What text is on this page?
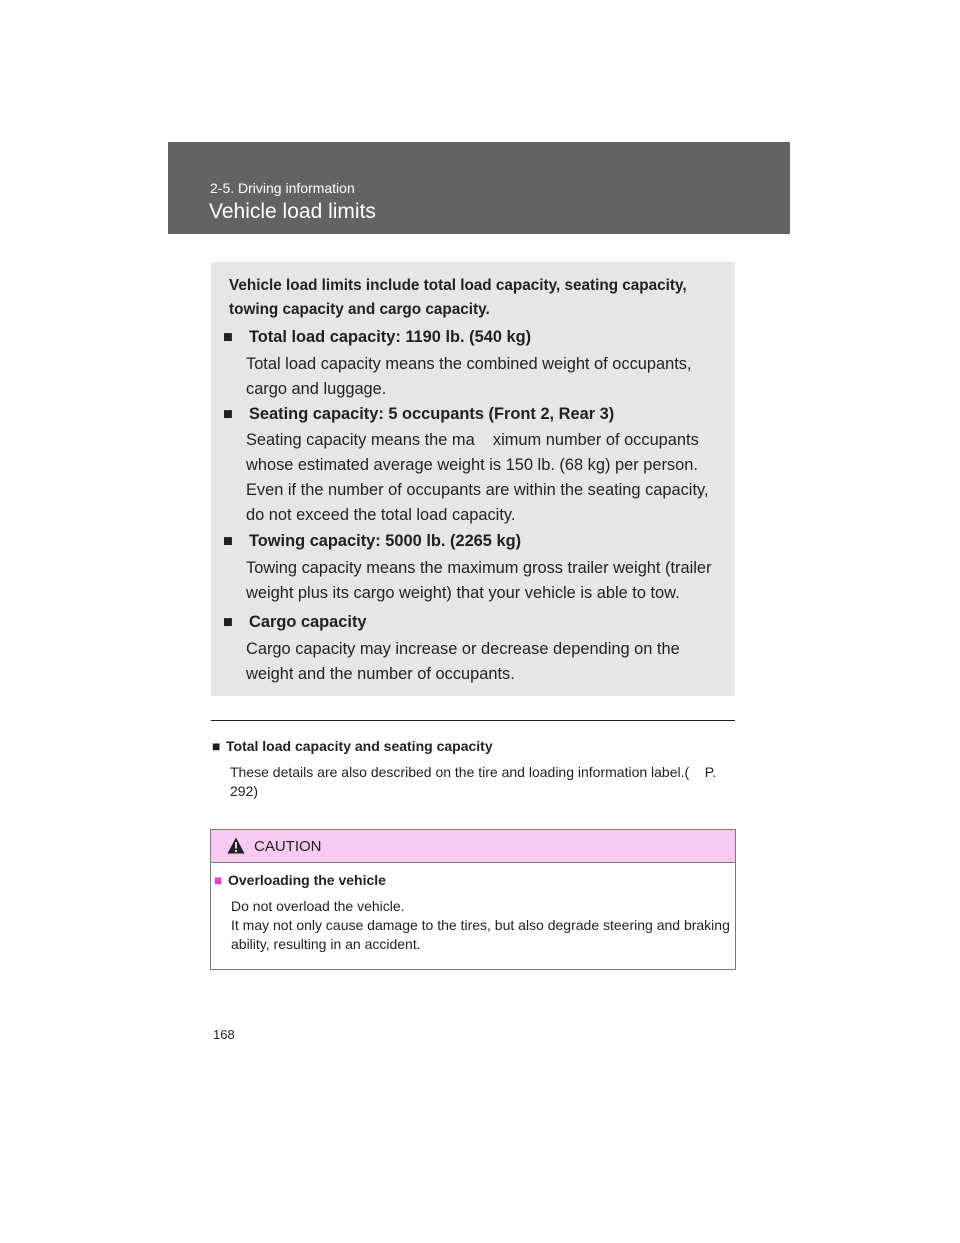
2-5. Driving information
Vehicle load limits
Vehicle load limits include total load capacity, seating capacity, towing capacity and cargo capacity.
■ Total load capacity: 1190 lb. (540 kg)
Total load capacity means the combined weight of occupants, cargo and luggage.
■ Seating capacity: 5 occupants (Front 2, Rear 3)
Seating capacity means the ma    ximum number of occupants whose estimated average weight is 150 lb. (68 kg) per person.
Even if the number of occupants are within the seating capacity, do not exceed the total load capacity.
■ Towing capacity: 5000 lb. (2265 kg)
Towing capacity means the maximum gross trailer weight (trailer weight plus its cargo weight) that your vehicle is able to tow.
■ Cargo capacity
Cargo capacity may increase or decrease depending on the weight and the number of occupants.
■ Total load capacity and seating capacity
These details are also described on the tire and loading information label.(    P. 292)
CAUTION
■ Overloading the vehicle
Do not overload the vehicle.
It may not only cause damage to the tires, but also degrade steering and braking ability, resulting in an accident.
168
